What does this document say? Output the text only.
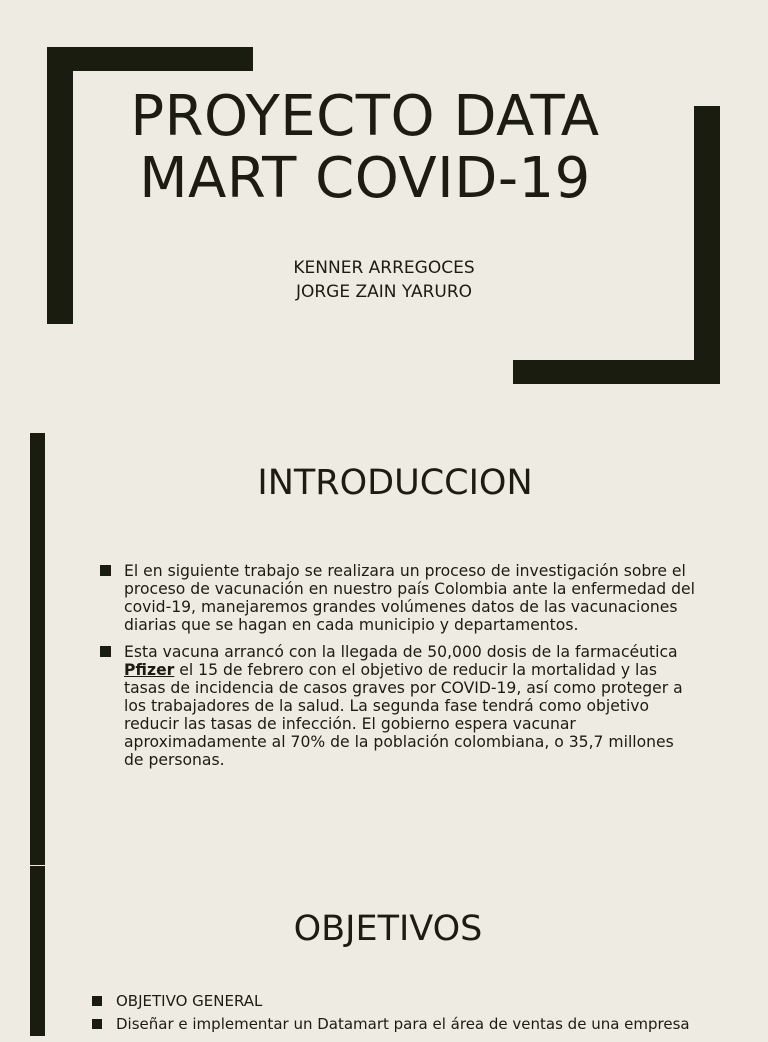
PROYECTO DATA
MART COVID-19
KENNER ARREGOCES
JORGE ZAIN YARURO
INTRODUCCION
El en siguiente trabajo se realizara un proceso de investigación sobre el proceso de vacunación en nuestro país Colombia ante la enfermedad del covid-19, manejaremos grandes volúmenes datos de las vacunaciones diarias que se hagan en cada municipio y departamentos.
Esta vacuna arrancó con la llegada de 50,000 dosis de la farmacéutica Pfizer el 15 de febrero con el objetivo de reducir la mortalidad y las tasas de incidencia de casos graves por COVID-19, así como proteger a los trabajadores de la salud. La segunda fase tendrá como objetivo reducir las tasas de infección. El gobierno espera vacunar aproximadamente al 70% de la población colombiana, o 35,7 millones de personas.
OBJETIVOS
OBJETIVO GENERAL
Diseñar e implementar un Datamart para el área de ventas de una empresa
